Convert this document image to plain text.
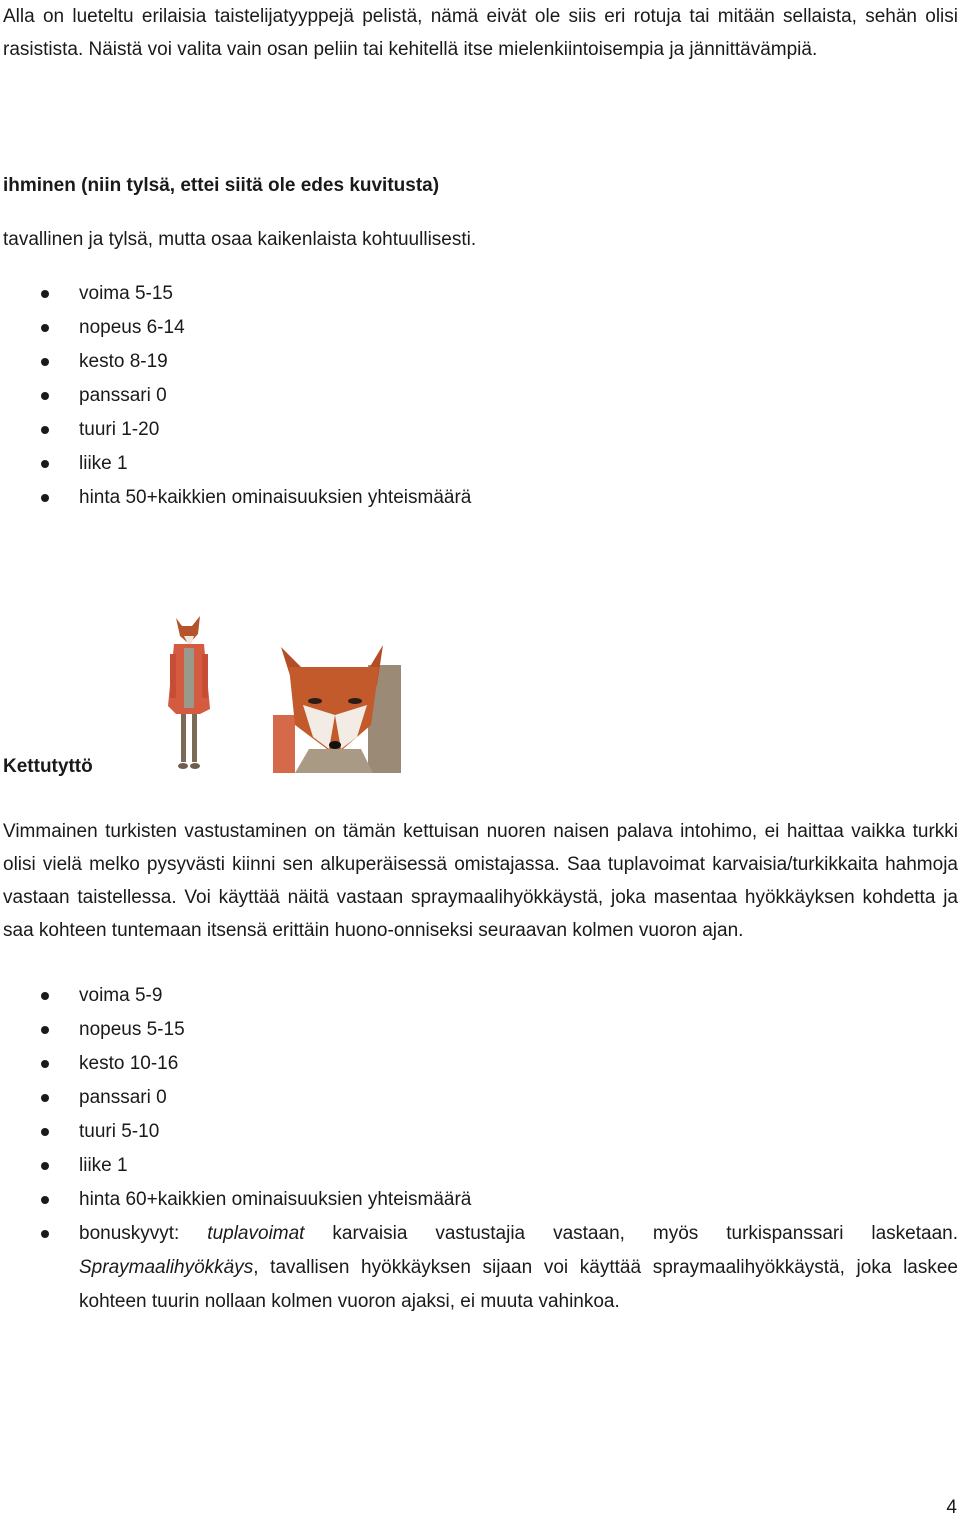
Alla on lueteltu erilaisia taistelijatyyppejä pelistä, nämä eivät ole siis eri rotuja tai mitään sellaista, sehän olisi rasistista. Näistä voi valita vain osan peliin tai kehitellä itse mielenkiintoisempia ja jännittävämpiä.

ihminen (niin tylsä, ettei siitä ole edes kuvitusta)

tavallinen ja tylsä, mutta osaa kaikenlaista kohtuullisesti.

voima 5-15
nopeus 6-14
kesto 8-19
panssari 0
tuuri 1-20
liike 1
hinta 50+kaikkien ominaisuuksien yhteismäärä

Kettutyttö

Vimmainen turkisten vastustaminen on tämän kettuisan nuoren naisen palava intohimo, ei haittaa vaikka turkki olisi vielä melko pysyvästi kiinni sen alkuperäisessä omistajassa. Saa tuplavoimat karvaisia/turkikkaita hahmoja vastaan taistellessa. Voi käyttää näitä vastaan spraymaalihyökkäystä, joka masentaa hyökkäyksen kohdetta ja saa kohteen tuntemaan itsensä erittäin huono-onniseksi seuraavan kolmen vuoron ajan.

voima 5-9
nopeus 5-15
kesto 10-16
panssari 0
tuuri 5-10
liike 1
hinta 60+kaikkien ominaisuuksien yhteismäärä
bonuskyvyt: tuplavoimat karvaisia vastustajia vastaan, myös turkispanssari lasketaan. Spraymaalihyökkäys, tavallisen hyökkäyksen sijaan voi käyttää spraymaalihyökkäystä, joka laskee kohteen tuurin nollaan kolmen vuoron ajaksi, ei muuta vahinkoa.
4
